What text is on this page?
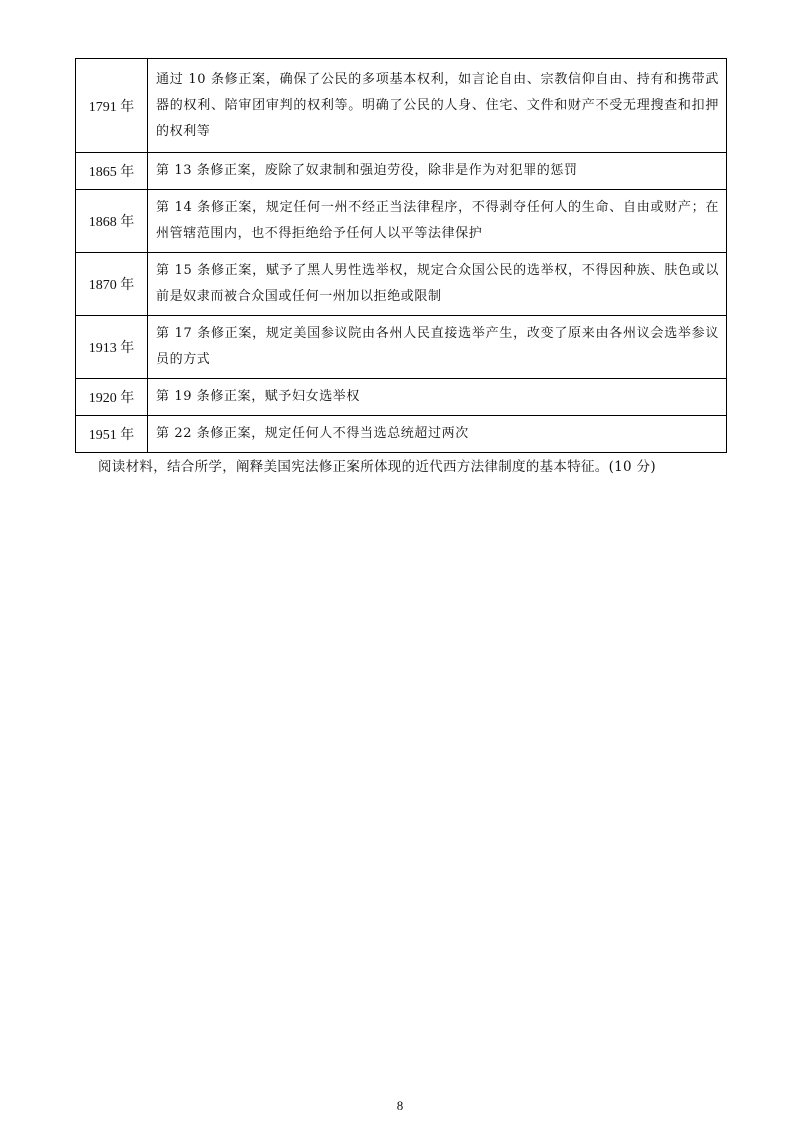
1791 年	通过 10 条修正案，确保了公民的多项基本权利，如言论自由、宗教信仰自由、持有和携带武器的权利、陪审团审判的权利等。明确了公民的人身、住宅、文件和财产不受无理搜查和扣押的权利等
1865 年	第 13 条修正案，废除了奴隶制和强迫劳役，除非是作为对犯罪的惩罚
1868 年	第 14 条修正案，规定任何一州不经正当法律程序，不得剥夺任何人的生命、自由或财产；在州管辖范围内，也不得拒绝给予任何人以平等法律保护
1870 年	第 15 条修正案，赋予了黑人男性选举权，规定合众国公民的选举权，不得因种族、肤色或以前是奴隶而被合众国或任何一州加以拒绝或限制
1913 年	第 17 条修正案，规定美国参议院由各州人民直接选举产生，改变了原来由各州议会选举参议员的方式
1920 年	第 19 条修正案，赋予妇女选举权
1951 年	第 22 条修正案，规定任何人不得当选总统超过两次
阅读材料，结合所学，阐释美国宪法修正案所体现的近代西方法律制度的基本特征。(10 分)
8
